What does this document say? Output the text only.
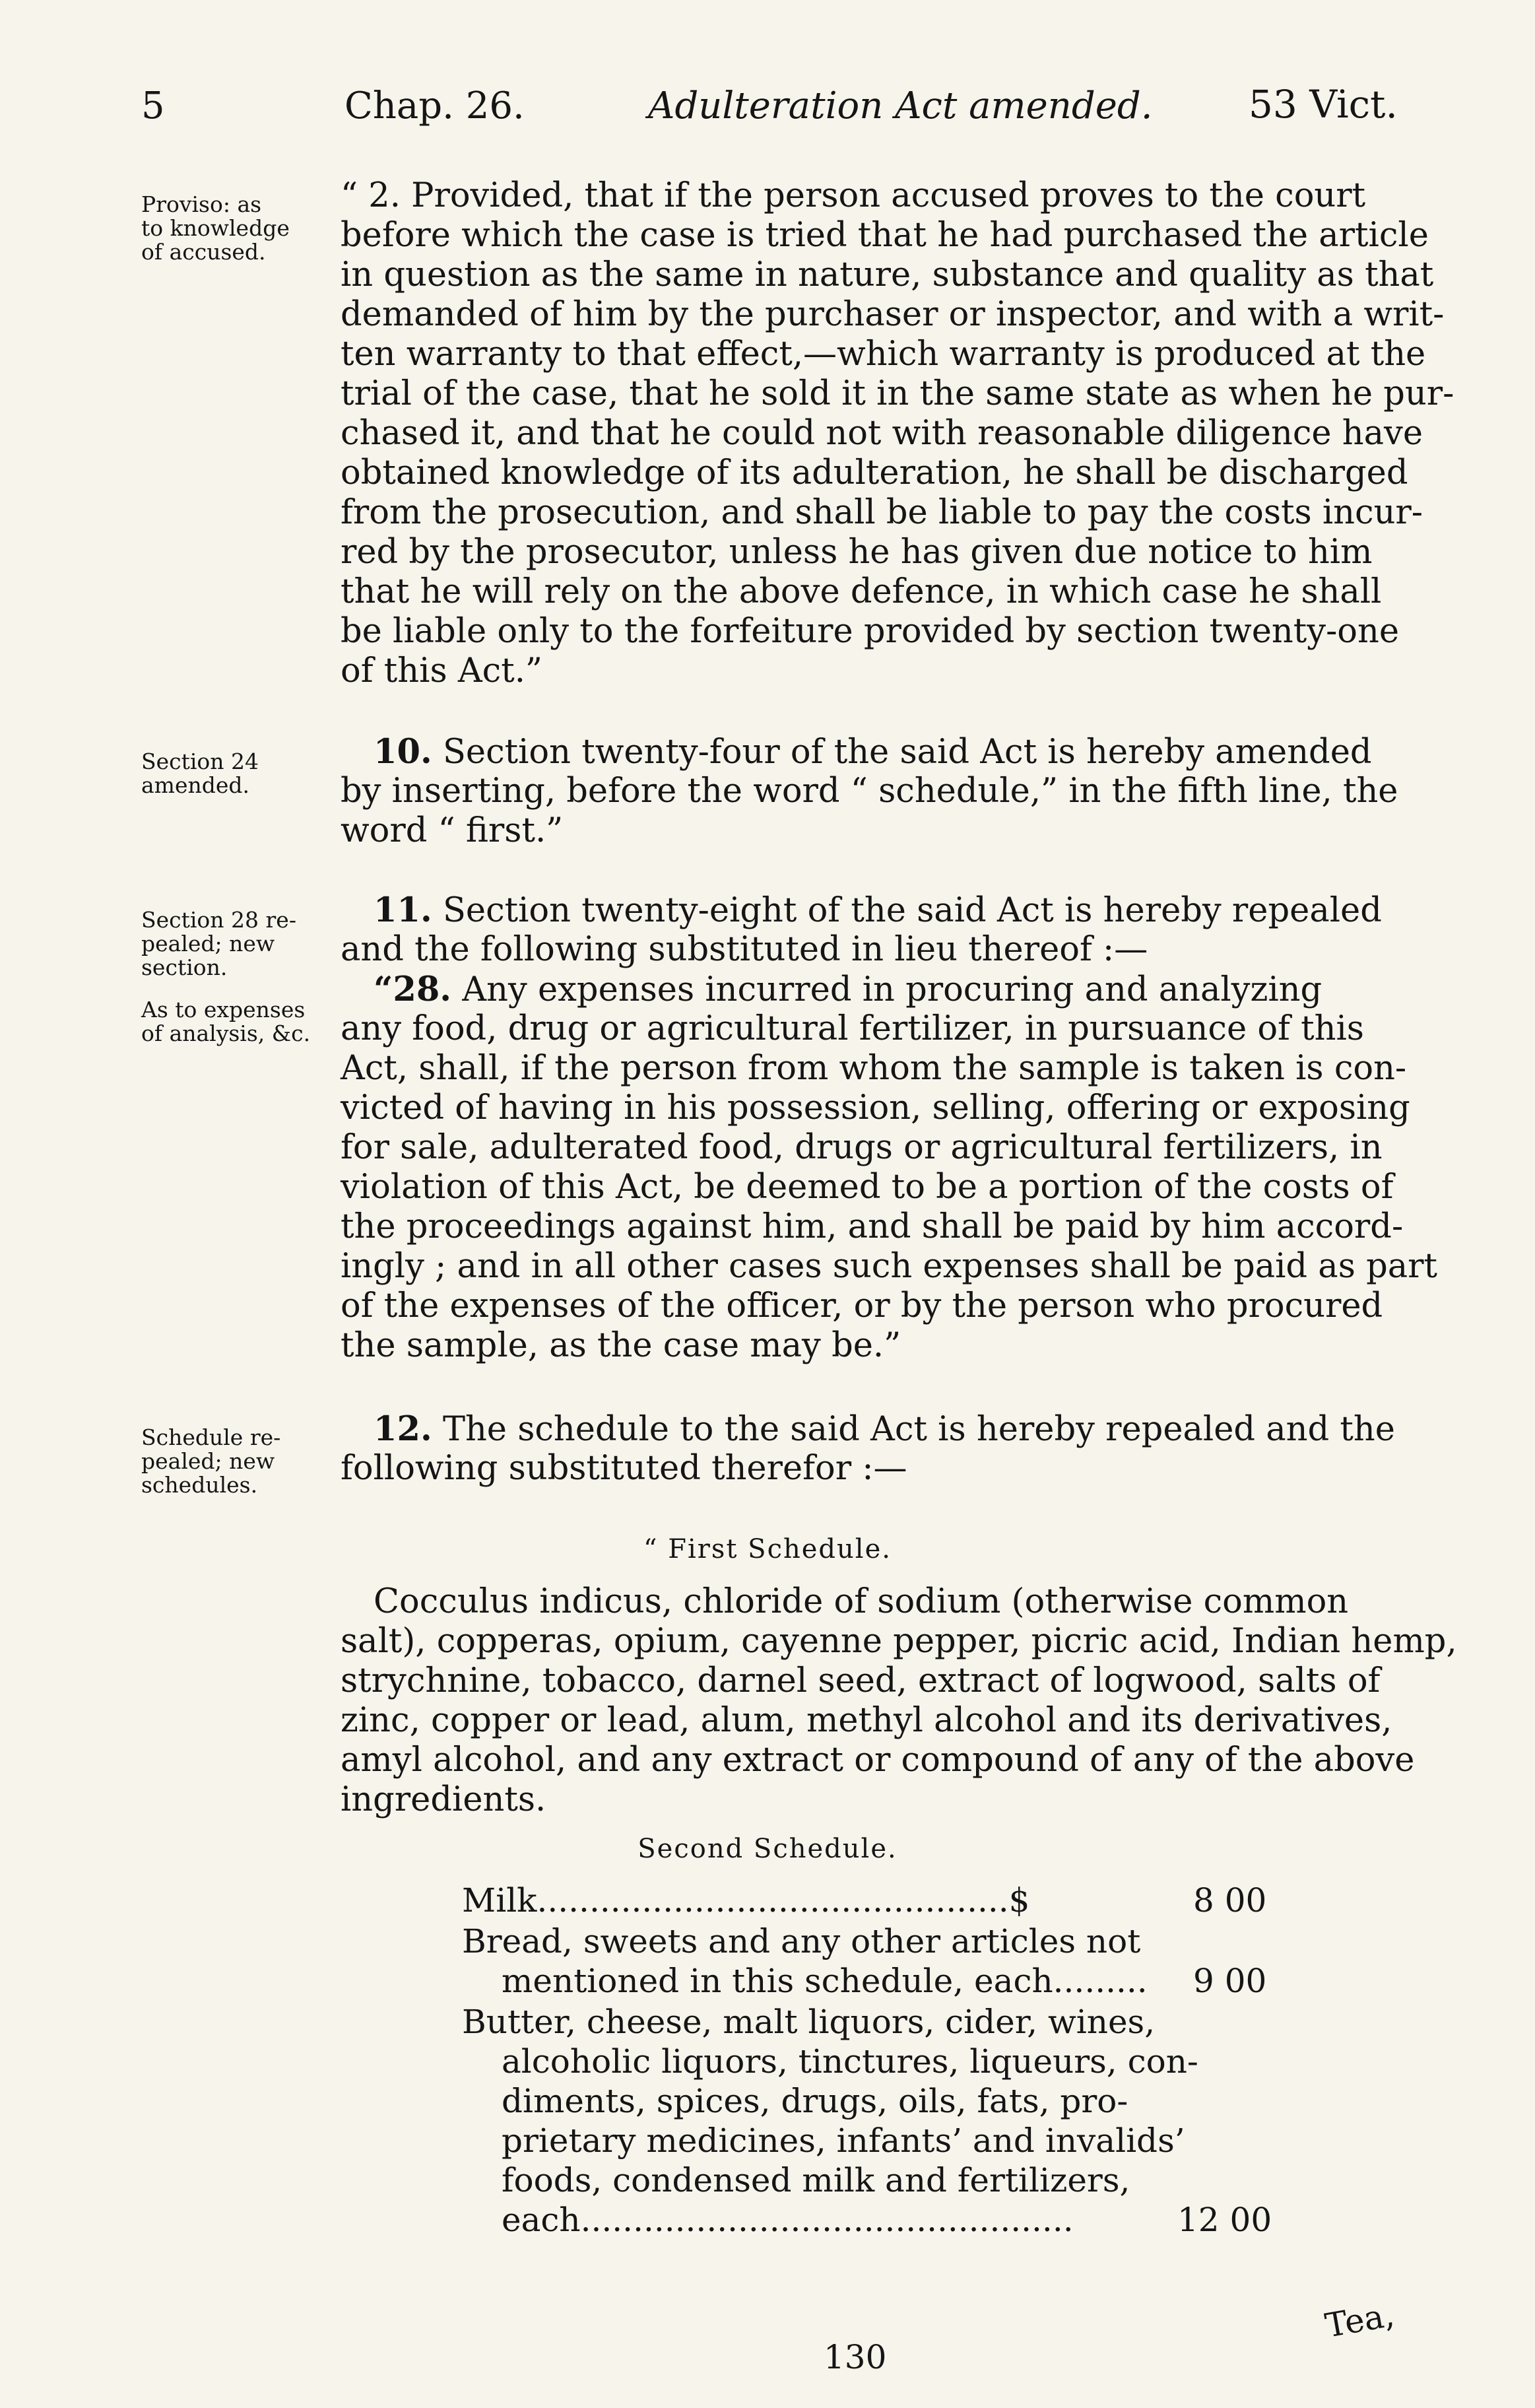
5	Chap. 26.	Adulteration Act amended.	53 Vict.
Proviso: as
to knowledge
of accused.
Section 24
amended.
Section 28 re-
pealed; new
section.
As to expenses
of analysis, &c.
Schedule re-
pealed; new
schedules.
“ 2. Provided, that if the person accused proves to the court
before which the case is tried that he had purchased the article
in question as the same in nature, substance and quality as that
demanded of him by the purchaser or inspector, and with a writ-
ten warranty to that effect,—which warranty is produced at the
trial of the case, that he sold it in the same state as when he pur-
chased it, and that he could not with reasonable diligence have
obtained knowledge of its adulteration, he shall be discharged
from the prosecution, and shall be liable to pay the costs incur-
red by the prosecutor, unless he has given due notice to him
that he will rely on the above defence, in which case he shall
be liable only to the forfeiture provided by section twenty-one
of this Act.”
10. Section twenty-four of the said Act is hereby amended
by inserting, before the word “ schedule,” in the fifth line, the
word “ first.”
11. Section twenty-eight of the said Act is hereby repealed
and the following substituted in lieu thereof :—
“28. Any expenses incurred in procuring and analyzing
any food, drug or agricultural fertilizer, in pursuance of this
Act, shall, if the person from whom the sample is taken is con-
victed of having in his possession, selling, offering or exposing
for sale, adulterated food, drugs or agricultural fertilizers, in
violation of this Act, be deemed to be a portion of the costs of
the proceedings against him, and shall be paid by him accord-
ingly ; and in all other cases such expenses shall be paid as part
of the expenses of the officer, or by the person who procured
the sample, as the case may be.”
12. The schedule to the said Act is hereby repealed and the
following substituted therefor :—
“ First Schedule.
Cocculus indicus, chloride of sodium (otherwise common
salt), copperas, opium, cayenne pepper, picric acid, Indian hemp,
strychnine, tobacco, darnel seed, extract of logwood, salts of
zinc, copper or lead, alum, methyl alcohol and its derivatives,
amyl alcohol, and any extract or compound of any of the above
ingredients.
Second Schedule.
Milk.............................................$	8 00
Bread, sweets and any other articles not
mentioned in this schedule, each......... 9 00
Butter, cheese, malt liquors, cider, wines,
alcoholic liquors, tinctures, liqueurs, con-
diments, spices, drugs, oils, fats, pro-
prietary medicines, infants’ and invalids’
foods, condensed milk and fertilizers,
each...............................................	12 00
130
Tea,
